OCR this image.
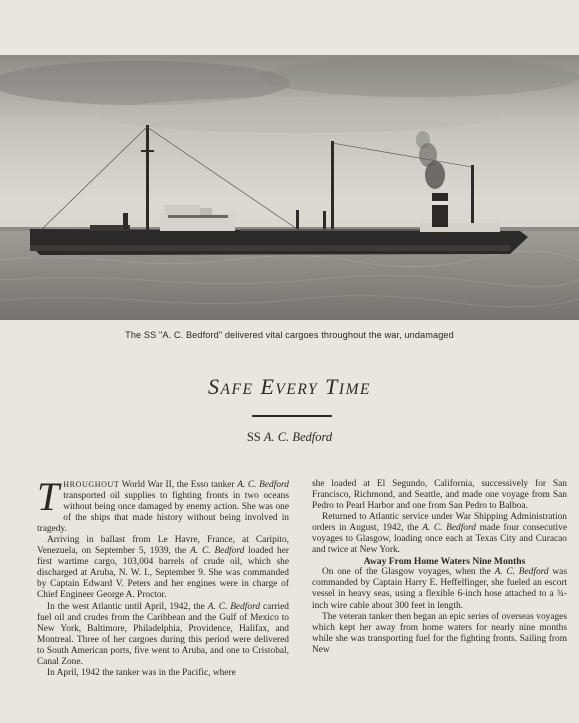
The SS "A. C. Bedford" delivered vital cargoes throughout the war, undamaged
SAFE EVERY TIME
SS A. C. Bedford

THROUGHOUT World War II, the Esso tanker A. C. Bedford transported oil supplies to fighting fronts in two oceans without being once damaged by enemy action. She was one of the ships that made history without being involved in tragedy.

Arriving in ballast from Le Havre, France, at Caripito, Venezuela, on September 5, 1939, the A. C. Bedford loaded her first wartime cargo, 103,004 barrels of crude oil, which she discharged at Aruba, N. W. I., September 9. She was commanded by Captain Edward V. Peters and her engines were in charge of Chief Engineer George A. Proctor.

In the west Atlantic until April, 1942, the A. C. Bedford carried fuel oil and crudes from the Caribbean and the Gulf of Mexico to New York, Baltimore, Philadelphia, Providence, Halifax, and Montreal. Three of her cargoes during this period were delivered to South American ports, five went to Aruba, and one to Cristobal, Canal Zone.

In April, 1942 the tanker was in the Pacific, where

she loaded at El Segundo, California, successively for San Francisco, Richmond, and Seattle, and made one voyage from San Pedro to Pearl Harbor and one from San Pedro to Balboa.

Returned to Atlantic service under War Shipping Administration orders in August, 1942, the A. C. Bedford made four consecutive voyages to Glasgow, loading once each at Texas City and Curacao and twice at New York.

Away From Home Waters Nine Months

On one of the Glasgow voyages, when the A. C. Bedford was commanded by Captain Harry E. Heffelfinger, she fueled an escort vessel in heavy seas, using a flexible 6-inch hose attached to a ¾-inch wire cable about 300 feet in length.

The veteran tanker then began an epic series of overseas voyages which kept her away from home waters for nearly nine months while she was transporting fuel for the fighting fronts. Sailing from New
